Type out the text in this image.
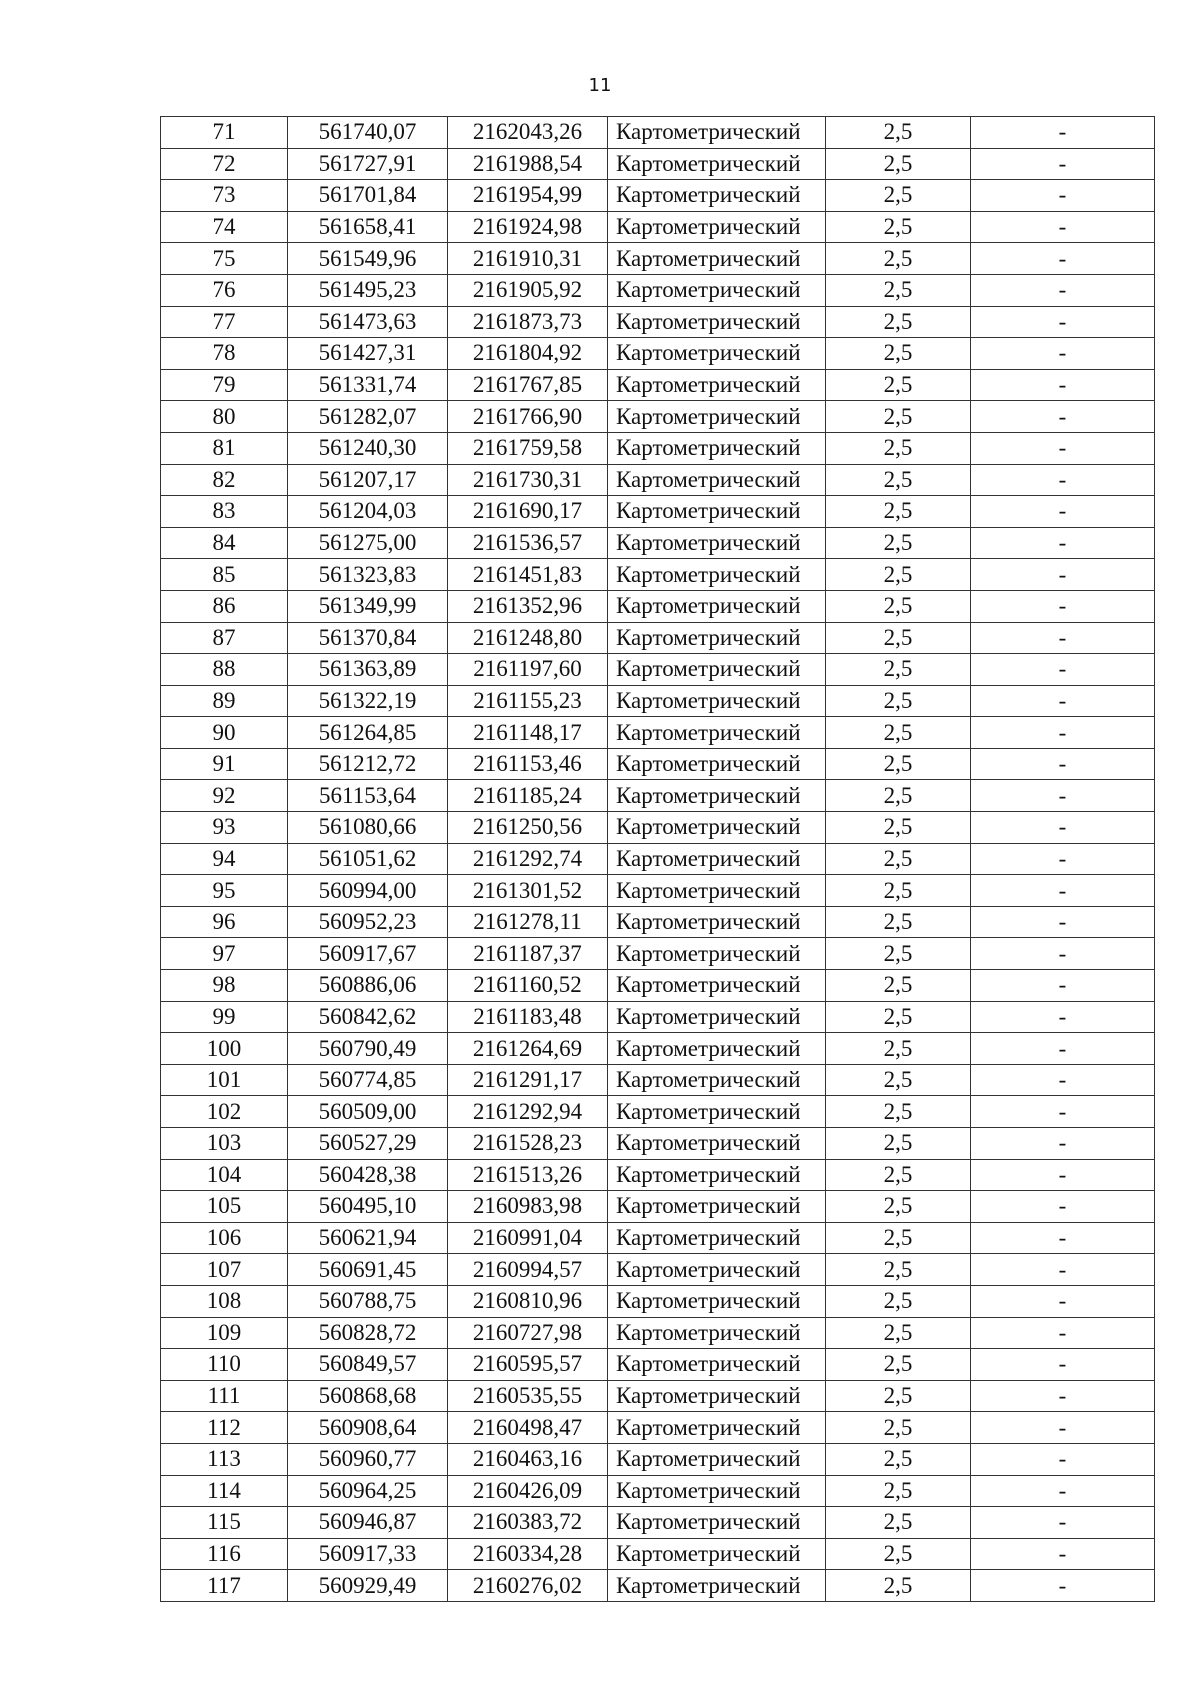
11
71	561740,07	2162043,26	Картометрический	2,5	-
72	561727,91	2161988,54	Картометрический	2,5	-
73	561701,84	2161954,99	Картометрический	2,5	-
74	561658,41	2161924,98	Картометрический	2,5	-
75	561549,96	2161910,31	Картометрический	2,5	-
76	561495,23	2161905,92	Картометрический	2,5	-
77	561473,63	2161873,73	Картометрический	2,5	-
78	561427,31	2161804,92	Картометрический	2,5	-
79	561331,74	2161767,85	Картометрический	2,5	-
80	561282,07	2161766,90	Картометрический	2,5	-
81	561240,30	2161759,58	Картометрический	2,5	-
82	561207,17	2161730,31	Картометрический	2,5	-
83	561204,03	2161690,17	Картометрический	2,5	-
84	561275,00	2161536,57	Картометрический	2,5	-
85	561323,83	2161451,83	Картометрический	2,5	-
86	561349,99	2161352,96	Картометрический	2,5	-
87	561370,84	2161248,80	Картометрический	2,5	-
88	561363,89	2161197,60	Картометрический	2,5	-
89	561322,19	2161155,23	Картометрический	2,5	-
90	561264,85	2161148,17	Картометрический	2,5	-
91	561212,72	2161153,46	Картометрический	2,5	-
92	561153,64	2161185,24	Картометрический	2,5	-
93	561080,66	2161250,56	Картометрический	2,5	-
94	561051,62	2161292,74	Картометрический	2,5	-
95	560994,00	2161301,52	Картометрический	2,5	-
96	560952,23	2161278,11	Картометрический	2,5	-
97	560917,67	2161187,37	Картометрический	2,5	-
98	560886,06	2161160,52	Картометрический	2,5	-
99	560842,62	2161183,48	Картометрический	2,5	-
100	560790,49	2161264,69	Картометрический	2,5	-
101	560774,85	2161291,17	Картометрический	2,5	-
102	560509,00	2161292,94	Картометрический	2,5	-
103	560527,29	2161528,23	Картометрический	2,5	-
104	560428,38	2161513,26	Картометрический	2,5	-
105	560495,10	2160983,98	Картометрический	2,5	-
106	560621,94	2160991,04	Картометрический	2,5	-
107	560691,45	2160994,57	Картометрический	2,5	-
108	560788,75	2160810,96	Картометрический	2,5	-
109	560828,72	2160727,98	Картометрический	2,5	-
110	560849,57	2160595,57	Картометрический	2,5	-
111	560868,68	2160535,55	Картометрический	2,5	-
112	560908,64	2160498,47	Картометрический	2,5	-
113	560960,77	2160463,16	Картометрический	2,5	-
114	560964,25	2160426,09	Картометрический	2,5	-
115	560946,87	2160383,72	Картометрический	2,5	-
116	560917,33	2160334,28	Картометрический	2,5	-
117	560929,49	2160276,02	Картометрический	2,5	-
